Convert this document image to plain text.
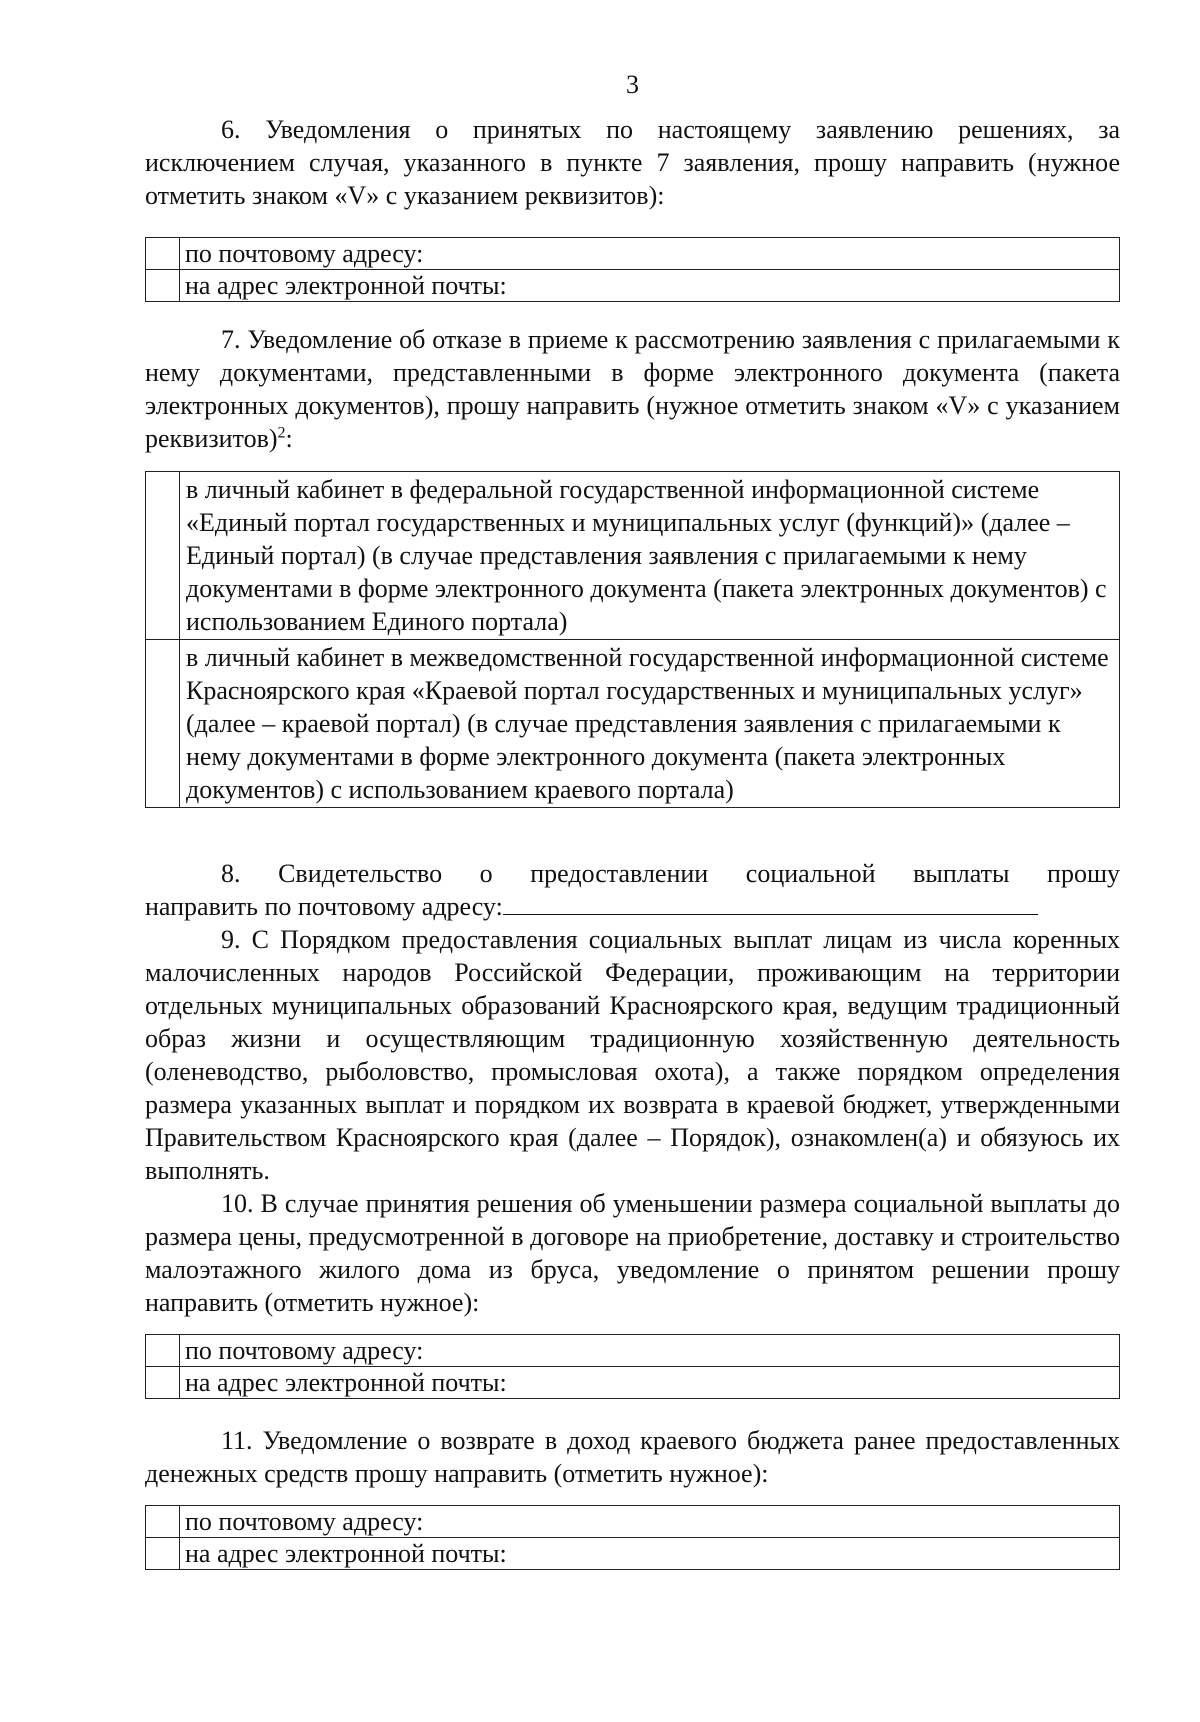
3

6. Уведомления о принятых по настоящему заявлению решениях, за исключением случая, указанного в пункте 7 заявления, прошу направить (нужное отметить знаком «V» с указанием реквизитов):

	по почтовому адресу:
	на адрес электронной почты:

7. Уведомление об отказе в приеме к рассмотрению заявления с прилагаемыми к нему документами, представленными в форме электронного документа (пакета электронных документов), прошу направить (нужное отметить знаком «V» с указанием реквизитов)$^2$:

	в личный кабинет в федеральной государственной информационной системе «Единый портал государственных и муниципальных услуг (функций)» (далее – Единый портал) (в случае представления заявления с прилагаемыми к нему документами в форме электронного документа (пакета электронных документов) с использованием Единого портала)
	в личный кабинет в межведомственной государственной информационной системе Красноярского края «Краевой портал государственных и муниципальных услуг» (далее – краевой портал) (в случае представления заявления с прилагаемыми к нему документами в форме электронного документа (пакета электронных документов) с использованием краевого портала)
8. Свидетельство о предоставлении социальной выплаты прошу
направить по почтовому адресу:

9. С Порядком предоставления социальных выплат лицам из числа коренных малочисленных народов Российской Федерации, проживающим на территории отдельных муниципальных образований Красноярского края, ведущим традиционный образ жизни и осуществляющим традиционную хозяйственную деятельность (оленеводство, рыболовство, промысловая охота), а также порядком определения размера указанных выплат и порядком их возврата в краевой бюджет, утвержденными Правительством Красноярского края (далее – Порядок), ознакомлен(а) и обязуюсь их выполнять.

10. В случае принятия решения об уменьшении размера социальной выплаты до размера цены, предусмотренной в договоре на приобретение, доставку и строительство малоэтажного жилого дома из бруса, уведомление о принятом решении прошу направить (отметить нужное):

	по почтовому адресу:
	на адрес электронной почты:

11. Уведомление о возврате в доход краевого бюджета ранее предоставленных денежных средств прошу направить (отметить нужное):

	по почтовому адресу:
	на адрес электронной почты:
